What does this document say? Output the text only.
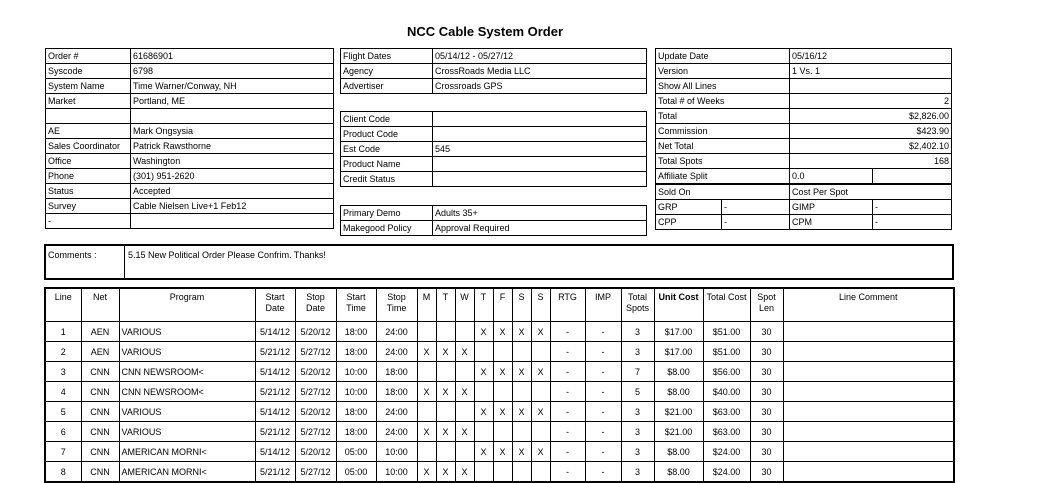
NCC Cable System Order
Order #	61686901
Syscode	6798
System Name	Time Warner/Conway, NH
Market	Portland, ME

AE	Mark Ongsysia
Sales Coordinator	Patrick Rawsthorne
Office	Washington
Phone	(301) 951-2620
Status	Accepted
Survey	Cable Nielsen Live+1 Feb12
-	
Flight Dates	05/14/12 - 05/27/12
Agency	CrossRoads Media LLC
Advertiser	Crossroads GPS
Client Code	
Product Code	
Est Code	545
Product Name	
Credit Status	
Primary Demo	Adults 35+
Makegood Policy	Approval Required
Update Date		05/16/12	
Version		1 Vs. 1	
Show All Lines			
Total # of Weeks		2	
Total		$2,826.00	
Commission		$423.90	
Net Total		$2,402.10	
Total Spots		168	
Affiliate Split		0.0	
Sold On		Cost Per Spot	
GRP	-	GIMP	-
CPP	-	CPM	-
Comments :	5.15 New Political Order Please Confrim. Thanks!
Line	Net	Program	Start Date	Stop Date	Start Time	Stop Time	M	T	W	T	F	S	S	RTG	IMP	Total Spots	Unit Cost	Total Cost	Spot Len	Line Comment
1	AEN	VARIOUS	5/14/12	5/20/12	18:00	24:00				X	X	X	X	-	-	3	$17.00	$51.00	30	
2	AEN	VARIOUS	5/21/12	5/27/12	18:00	24:00	X	X	X					-	-	3	$17.00	$51.00	30	
3	CNN	CNN NEWSROOM<	5/14/12	5/20/12	10:00	18:00				X	X	X	X	-	-	7	$8.00	$56.00	30	
4	CNN	CNN NEWSROOM<	5/21/12	5/27/12	10:00	18:00	X	X	X					-	-	5	$8.00	$40.00	30	
5	CNN	VARIOUS	5/14/12	5/20/12	18:00	24:00				X	X	X	X	-	-	3	$21.00	$63.00	30	
6	CNN	VARIOUS	5/21/12	5/27/12	18:00	24:00	X	X	X					-	-	3	$21.00	$63.00	30	
7	CNN	AMERICAN MORNI<	5/14/12	5/20/12	05:00	10:00				X	X	X	X	-	-	3	$8.00	$24.00	30	
8	CNN	AMERICAN MORNI<	5/21/12	5/27/12	05:00	10:00	X	X	X					-	-	3	$8.00	$24.00	30	
